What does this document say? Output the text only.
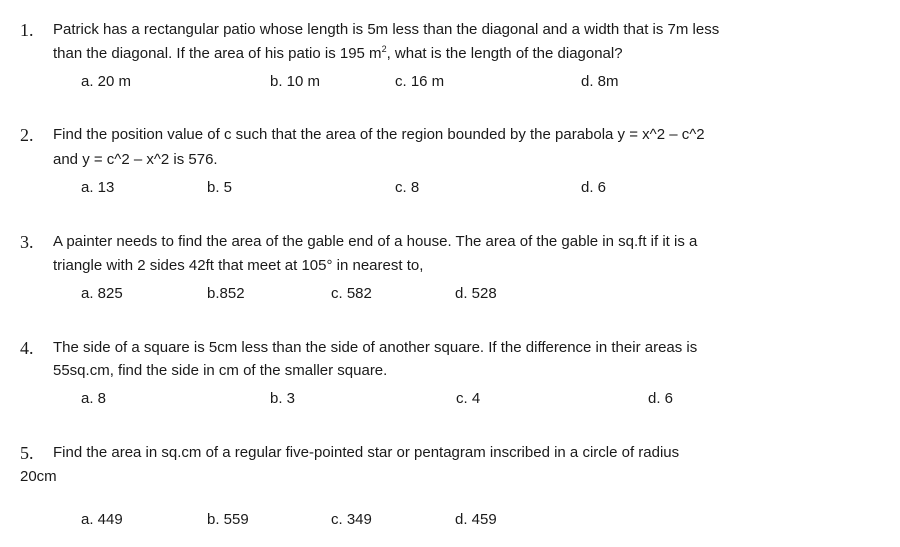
1. Patrick has a rectangular patio whose length is 5m less than the diagonal and a width that is 7m less
than the diagonal. If the area of his patio is 195 $m^2$, what is the length of the diagonal?
a. 20 m	b. 10 m	c. 16 m	d. 8m
2. Find the position value of c such that the area of the region bounded by the parabola y = x^2 – c^2
and y = c^2 – x^2 is 576.
a. 13	b. 5	c. 8	d. 6
3. A painter needs to find the area of the gable end of a house. The area of the gable in sq.ft if it is a
triangle with 2 sides 42ft that meet at 105° in nearest to,
a. 825	b.852	c. 582	d. 528
4. The side of a square is 5cm less than the side of another square. If the difference in their areas is
55sq.cm, find the side in cm of the smaller square.
a. 8	b. 3	c. 4	d. 6
5. Find the area in sq.cm of a regular five-pointed star or pentagram inscribed in a circle of radius
20cm
a. 449	b. 559	c. 349	d. 459
